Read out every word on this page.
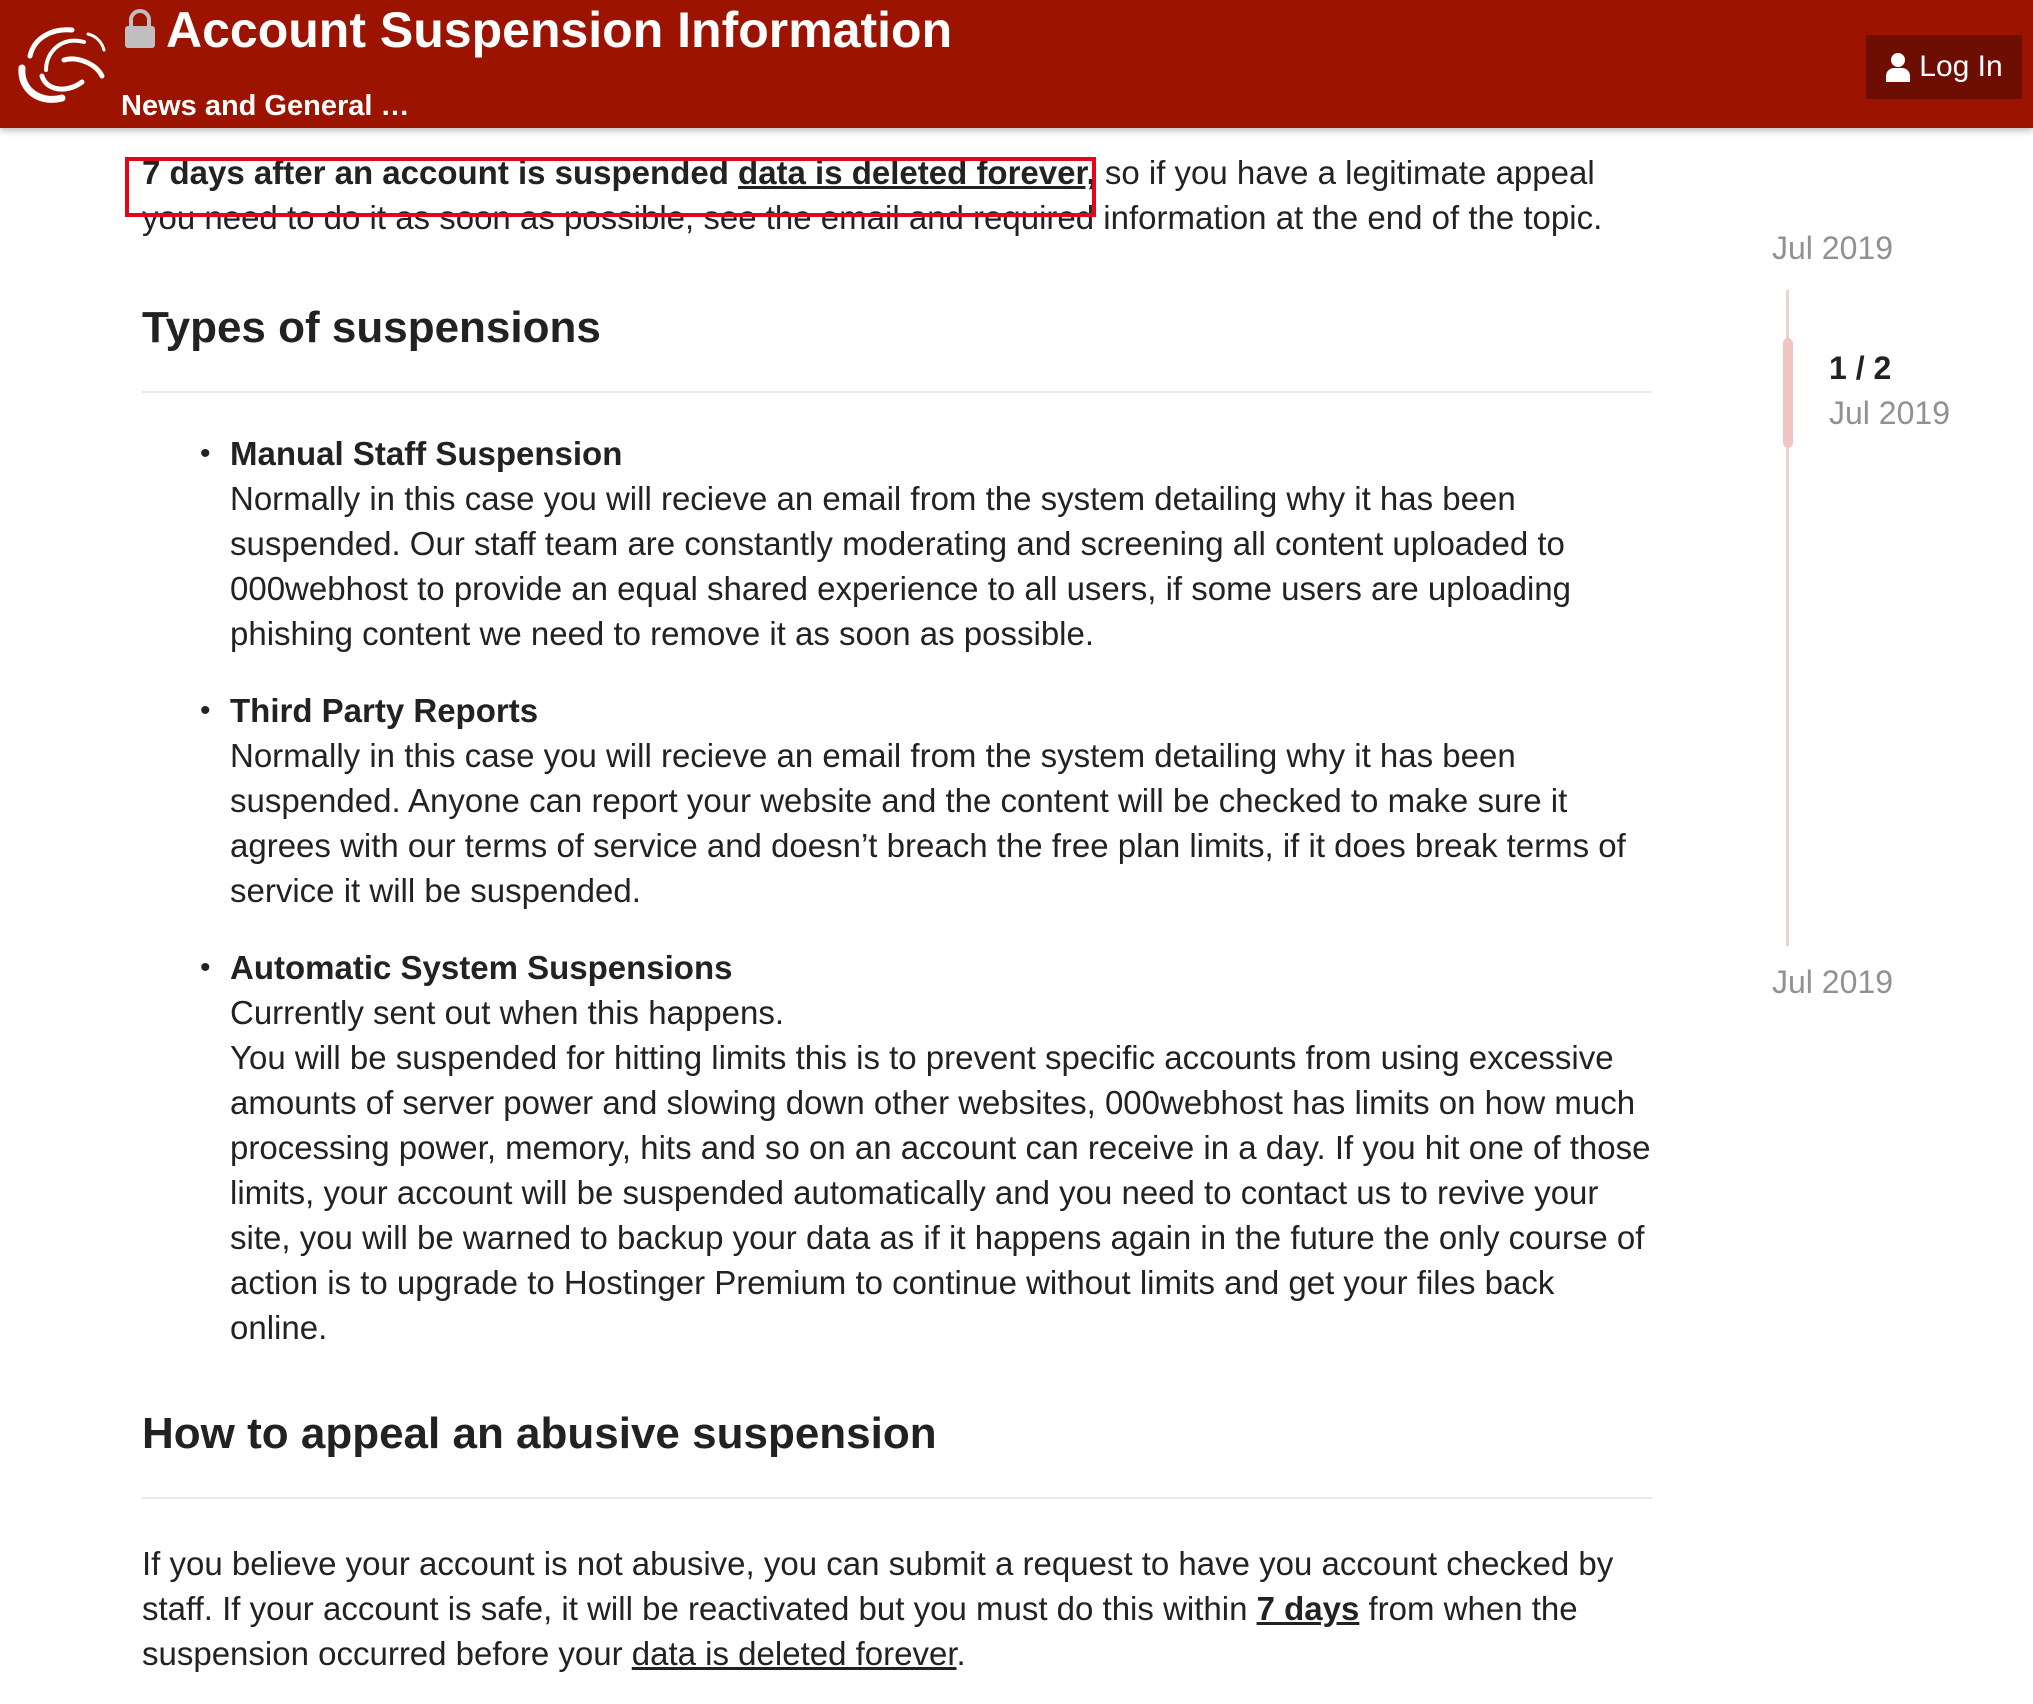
Account Suspension Information
News and General …
Log In

7 days after an account is suspended data is deleted forever, so if you have a legitimate appeal you need to do it as soon as possible, see the email and required information at the end of the topic.

Types of suspensions
• Manual Staff Suspension

Normally in this case you will recieve an email from the system detailing why it has been suspended. Our staff team are constantly moderating and screening all content uploaded to 000webhost to provide an equal shared experience to all users, if some users are uploading phishing content we need to remove it as soon as possible.

• Third Party Reports

Normally in this case you will recieve an email from the system detailing why it has been suspended. Anyone can report your website and the content will be checked to make sure it agrees with our terms of service and doesn’t breach the free plan limits, if it does break terms of service it will be suspended.

• Automatic System Suspensions

Currently sent out when this happens.

You will be suspended for hitting limits this is to prevent specific accounts from using excessive amounts of server power and slowing down other websites, 000webhost has limits on how much processing power, memory, hits and so on an account can receive in a day. If you hit one of those limits, your account will be suspended automatically and you need to contact us to revive your site, you will be warned to backup your data as if it happens again in the future the only course of action is to upgrade to Hostinger Premium to continue without limits and get your files back online.

How to appeal an abusive suspension

If you believe your account is not abusive, you can submit a request to have you account checked by staff. If your account is safe, it will be reactivated but you must do this within 7 days from when the suspension occurred before your data is deleted forever.

Jul 2019
1 / 2
Jul 2019
Jul 2019
